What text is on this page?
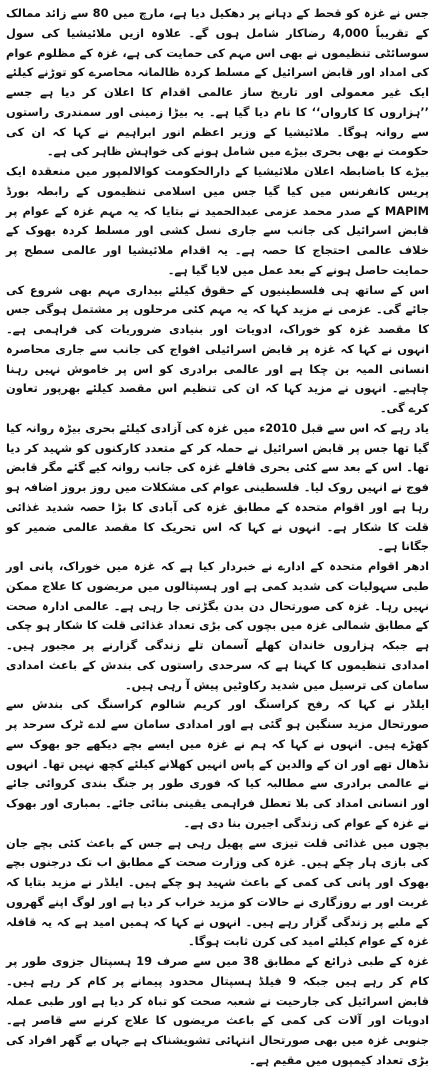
جس نے غزہ کو قحط کے دہانے پر دھکیل دیا ہے، مارچ میں 80 سے زائد ممالک کے تقریباً 4,000 رضاکار شامل ہوں گے۔ علاوہ ازیں ملائیشیا کی سول سوسائٹی تنظیموں نے بھی اس مہم کی حمایت کی ہے، غزہ کے مظلوم عوام کی امداد اور قابض اسرائیل کے مسلط کردہ ظالمانہ محاصرے کو توڑنے کیلئے ایک غیر معمولی اور تاریخ ساز عالمی اقدام کا اعلان کر دیا ہے جسے ’’ہزاروں کا کارواں‘‘ کا نام دیا گیا ہے۔ یہ بیڑا زمینی اور سمندری راستوں سے روانہ ہوگا۔ ملائیشیا کے وزیر اعظم انور ابراہیم نے کہا کہ ان کی حکومت نے بھی بحری بیڑے میں شامل ہونے کی خواہش ظاہر کی ہے۔

بیڑے کا باضابطہ اعلان ملائیشیا کے دارالحکومت کوالالمپور میں منعقدہ ایک پریس کانفرنس میں کیا گیا جس میں اسلامی تنظیموں کے رابطہ بورڈ MAPIM کے صدر محمد عزمی عبدالحمید نے بتایا کہ یہ مہم غزہ کے عوام پر قابض اسرائیل کی جانب سے جاری نسل کشی اور مسلط کردہ بھوک کے خلاف عالمی احتجاج کا حصہ ہے۔ یہ اقدام ملائیشیا اور عالمی سطح پر حمایت حاصل ہونے کے بعد عمل میں لایا گیا ہے۔

اس کے ساتھ ہی فلسطینیوں کے حقوق کیلئے بیداری مہم بھی شروع کی جائے گی۔ عزمی نے مزید کہا کہ یہ مہم کئی مرحلوں پر مشتمل ہوگی جس کا مقصد غزہ کو خوراک، ادویات اور بنیادی ضروریات کی فراہمی ہے۔ انہوں نے کہا کہ غزہ پر قابض اسرائیلی افواج کی جانب سے جاری محاصرہ انسانی المیہ بن چکا ہے اور عالمی برادری کو اس پر خاموش نہیں رہنا چاہیے۔ انہوں نے مزید کہا کہ ان کی تنظیم اس مقصد کیلئے بھرپور تعاون کرے گی۔

یاد رہے کہ اس سے قبل 2010ء میں غزہ کی آزادی کیلئے بحری بیڑہ روانہ کیا گیا تھا جس پر قابض اسرائیل نے حملہ کر کے متعدد کارکنوں کو شہید کر دیا تھا۔ اس کے بعد سے کئی بحری قافلے غزہ کی جانب روانہ کیے گئے مگر قابض فوج نے انہیں روک لیا۔ فلسطینی عوام کی مشکلات میں روز بروز اضافہ ہو رہا ہے اور اقوام متحدہ کے مطابق غزہ کی آبادی کا بڑا حصہ شدید غذائی قلت کا شکار ہے۔ انہوں نے کہا کہ اس تحریک کا مقصد عالمی ضمیر کو جگانا ہے۔

ادھر اقوام متحدہ کے ادارے نے خبردار کیا ہے کہ غزہ میں خوراک، پانی اور طبی سہولیات کی شدید کمی ہے اور ہسپتالوں میں مریضوں کا علاج ممکن نہیں رہا۔ غزہ کی صورتحال دن بدن بگڑتی جا رہی ہے۔ عالمی ادارہ صحت کے مطابق شمالی غزہ میں بچوں کی بڑی تعداد غذائی قلت کا شکار ہو چکی ہے جبکہ ہزاروں خاندان کھلے آسمان تلے زندگی گزارنے پر مجبور ہیں۔ امدادی تنظیموں کا کہنا ہے کہ سرحدی راستوں کی بندش کے باعث امدادی سامان کی ترسیل میں شدید رکاوٹیں پیش آ رہی ہیں۔

ایلڈر نے کہا کہ رفح کراسنگ اور کریم شالوم کراسنگ کی بندش سے صورتحال مزید سنگین ہو گئی ہے اور امدادی سامان سے لدے ٹرک سرحد پر کھڑے ہیں۔ انہوں نے کہا کہ ہم نے غزہ میں ایسے بچے دیکھے جو بھوک سے نڈھال تھے اور ان کے والدین کے پاس انہیں کھلانے کیلئے کچھ نہیں تھا۔ انہوں نے عالمی برادری سے مطالبہ کیا کہ فوری طور پر جنگ بندی کروائی جائے اور انسانی امداد کی بلا تعطل فراہمی یقینی بنائی جائے۔ بمباری اور بھوک نے غزہ کے عوام کی زندگی اجیرن بنا دی ہے۔

بچوں میں غذائی قلت تیزی سے پھیل رہی ہے جس کے باعث کئی بچے جان کی بازی ہار چکے ہیں۔ غزہ کی وزارت صحت کے مطابق اب تک درجنوں بچے بھوک اور پانی کی کمی کے باعث شہید ہو چکے ہیں۔ ایلڈر نے مزید بتایا کہ غربت اور بے روزگاری نے حالات کو مزید خراب کر دیا ہے اور لوگ اپنے گھروں کے ملبے پر زندگی گزار رہے ہیں۔ انہوں نے کہا کہ ہمیں امید ہے کہ یہ قافلہ غزہ کے عوام کیلئے امید کی کرن ثابت ہوگا۔

غزہ کے طبی ذرائع کے مطابق 38 میں سے صرف 19 ہسپتال جزوی طور پر کام کر رہے ہیں جبکہ 9 فیلڈ ہسپتال محدود پیمانے پر کام کر رہے ہیں۔ قابض اسرائیل کی جارحیت نے شعبہ صحت کو تباہ کر دیا ہے اور طبی عملہ ادویات اور آلات کی کمی کے باعث مریضوں کا علاج کرنے سے قاصر ہے۔ جنوبی غزہ میں بھی صورتحال انتہائی تشویشناک ہے جہاں بے گھر افراد کی بڑی تعداد کیمپوں میں مقیم ہے۔
